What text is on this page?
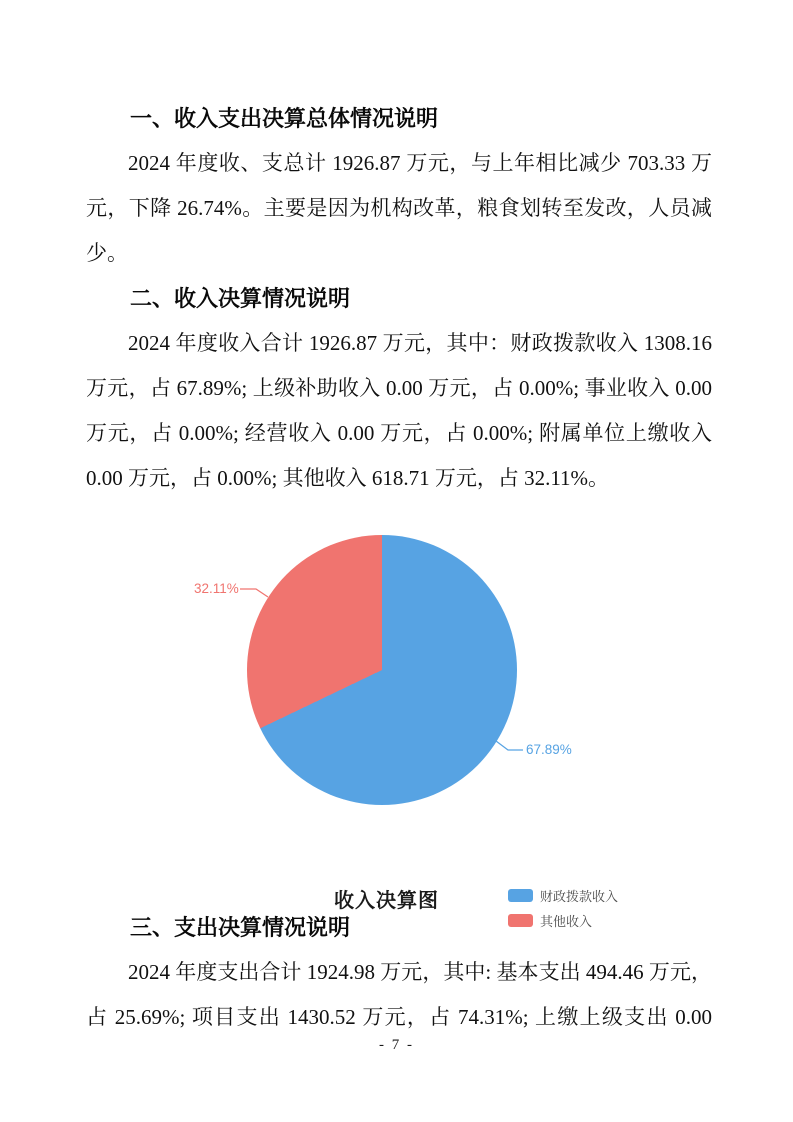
一、收入支出决算总体情况说明

2024 年度收、支总计 1926.87 万元，与上年相比减少 703.33 万元，下降 26.74%。主要是因为机构改革，粮食划转至发改，人员减少。

二、收入决算情况说明

2024 年度收入合计 1926.87 万元，其中：财政拨款收入 1308.16 万元，占 67.89%; 上级补助收入 0.00 万元，占 0.00%; 事业收入 0.00 万元，占 0.00%; 经营收入 0.00 万元，占 0.00%; 附属单位上缴收入 0.00 万元，占 0.00%; 其他收入 618.71 万元，占 32.11%。

收入决算图	财政拨款收入
其他收入
32.11%
67.89%
三、支出决算情况说明

2024 年度支出合计 1924.98 万元，其中: 基本支出 494.46 万元，占 25.69%; 项目支出 1430.52 万元，占 74.31%; 上缴上级支出 0.00

- 7 -
